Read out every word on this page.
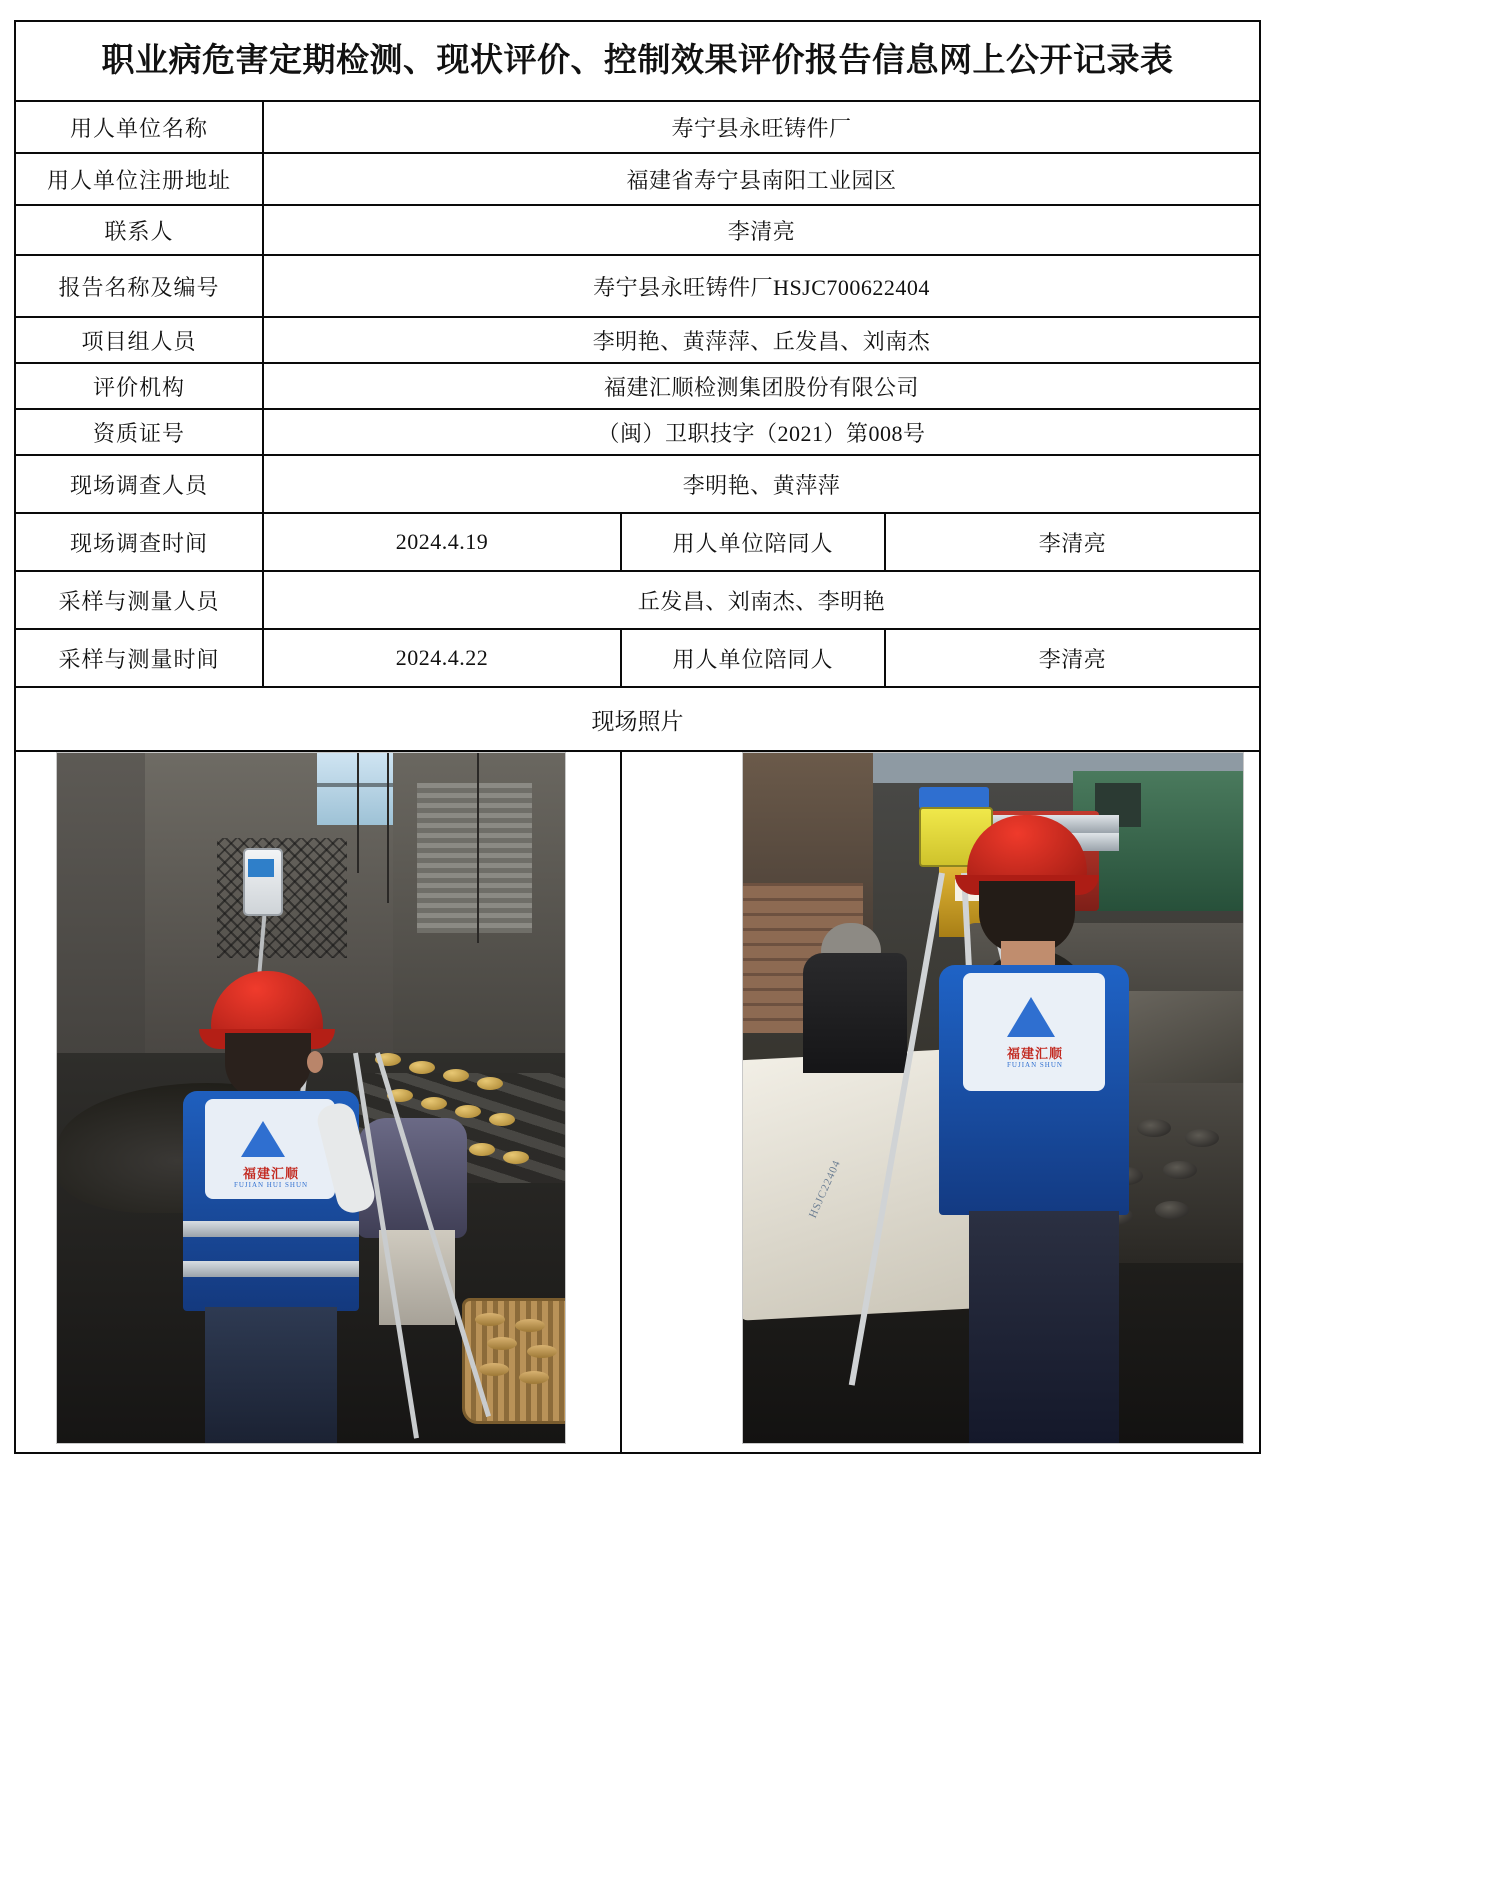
职业病危害定期检测、现状评价、控制效果评价报告信息网上公开记录表			

用人单位名称	寿宁县永旺铸件厂		
用人单位注册地址	福建省寿宁县南阳工业园区		
联系人	李清亮		
报告名称及编号	寿宁县永旺铸件厂HSJC700622404		
项目组人员	李明艳、黄萍萍、丘发昌、刘南杰		
评价机构	福建汇顺检测集团股份有限公司		
资质证号	（闽）卫职技字（2021）第008号		
现场调查人员	李明艳、黄萍萍		
现场调查时间	2024.4.19	用人单位陪同人	李清亮
采样与测量人员	丘发昌、刘南杰、李明艳		
采样与测量时间	2024.4.22	用人单位陪同人	李清亮
现场照片			

福建汇顺
FUJIAN HUI SHUN	HSJC22404
福建汇顺
FUJIAN SHUN
